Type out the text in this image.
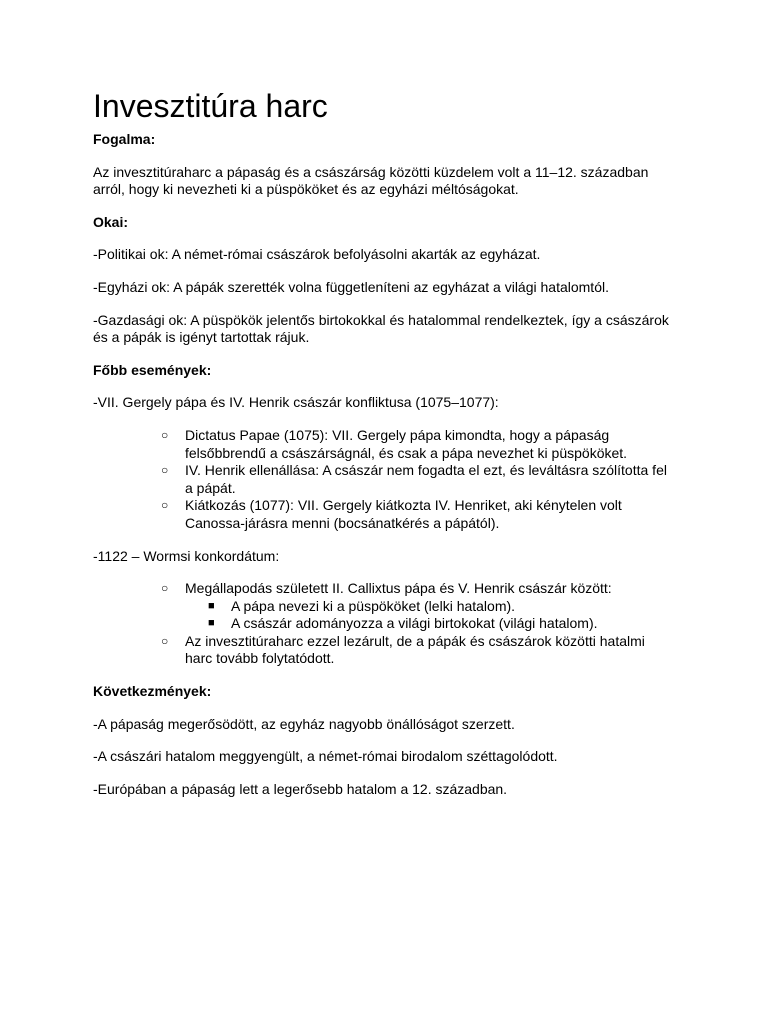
Invesztitúra harc

Fogalma:

Az invesztitúraharc a pápaság és a császárság közötti küzdelem volt a 11–12. században arról, hogy ki nevezheti ki a püspököket és az egyházi méltóságokat.

Okai:

-Politikai ok: A német-római császárok befolyásolni akarták az egyházat.

-Egyházi ok: A pápák szerették volna függetleníteni az egyházat a világi hatalomtól.

-Gazdasági ok: A püspökök jelentős birtokokkal és hatalommal rendelkeztek, így a császárok és a pápák is igényt tartottak rájuk.

Főbb események:

-VII. Gergely pápa és IV. Henrik császár konfliktusa (1075–1077):

○ Dictatus Papae (1075): VII. Gergely pápa kimondta, hogy a pápaság felsőbbrendű a császárságnál, és csak a pápa nevezhet ki püspököket.
○ IV. Henrik ellenállása: A császár nem fogadta el ezt, és leváltásra szólította fel a pápát.
○ Kiátkozás (1077): VII. Gergely kiátkozta IV. Henriket, aki kénytelen volt Canossa-járásra menni (bocsánatkérés a pápától).

-1122 – Wormsi konkordátum:

○ Megállapodás született II. Callixtus pápa és V. Henrik császár között:
■ A pápa nevezi ki a püspököket (lelki hatalom).
■ A császár adományozza a világi birtokokat (világi hatalom).
○ Az invesztitúraharc ezzel lezárult, de a pápák és császárok közötti hatalmi harc tovább folytatódott.

Következmények:

-A pápaság megerősödött, az egyház nagyobb önállóságot szerzett.

-A császári hatalom meggyengült, a német-római birodalom széttagolódott.

-Európában a pápaság lett a legerősebb hatalom a 12. században.
